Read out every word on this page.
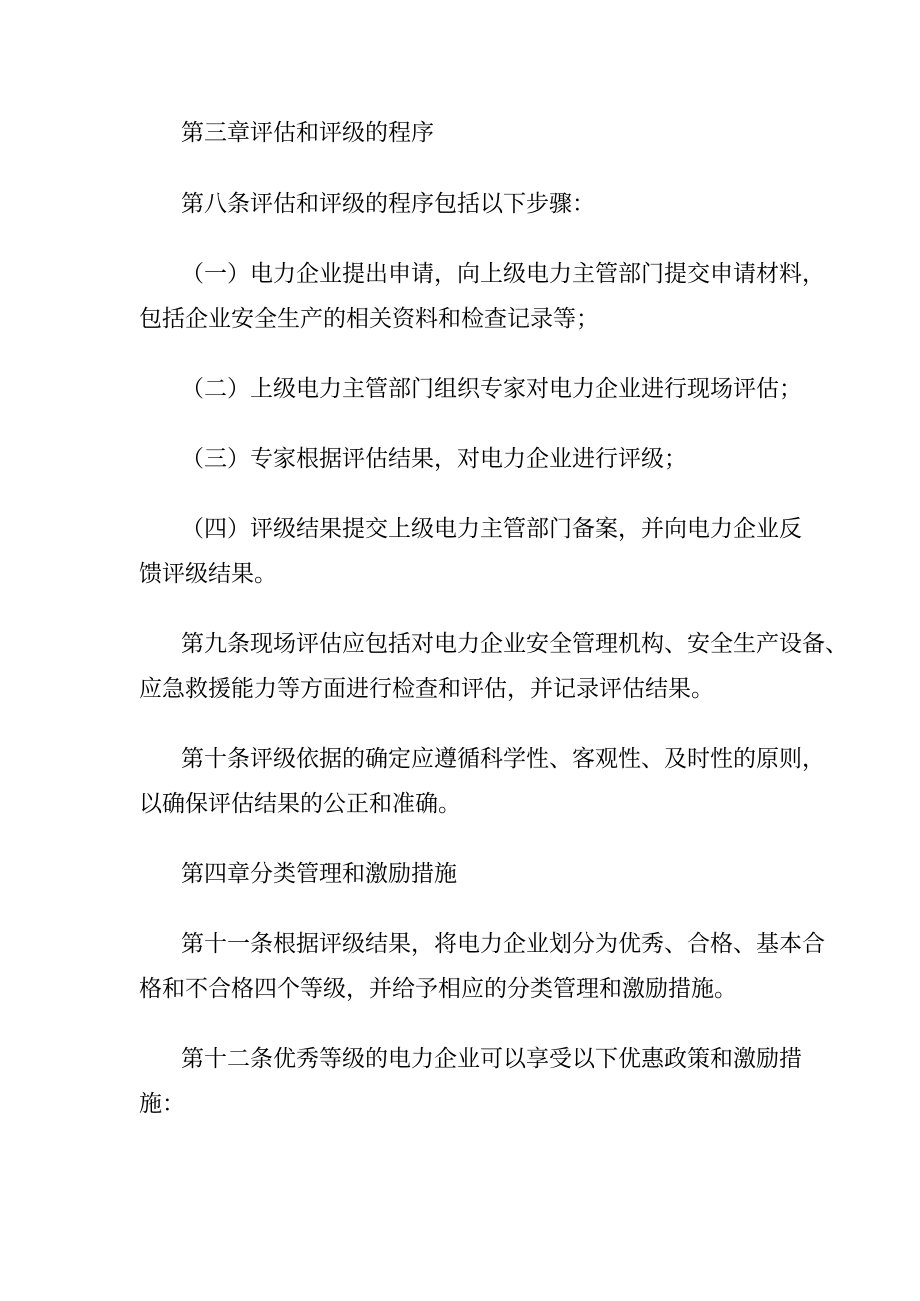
第三章评估和评级的程序
第八条评估和评级的程序包括以下步骤：
（一）电力企业提出申请，向上级电力主管部门提交申请材料，
包括企业安全生产的相关资料和检查记录等；
（二）上级电力主管部门组织专家对电力企业进行现场评估；
（三）专家根据评估结果，对电力企业进行评级；
（四）评级结果提交上级电力主管部门备案，并向电力企业反
馈评级结果。
第九条现场评估应包括对电力企业安全管理机构、安全生产设备、
应急救援能力等方面进行检查和评估，并记录评估结果。
第十条评级依据的确定应遵循科学性、客观性、及时性的原则，
以确保评估结果的公正和准确。
第四章分类管理和激励措施
第十一条根据评级结果，将电力企业划分为优秀、合格、基本合
格和不合格四个等级，并给予相应的分类管理和激励措施。
第十二条优秀等级的电力企业可以享受以下优惠政策和激励措
施：
